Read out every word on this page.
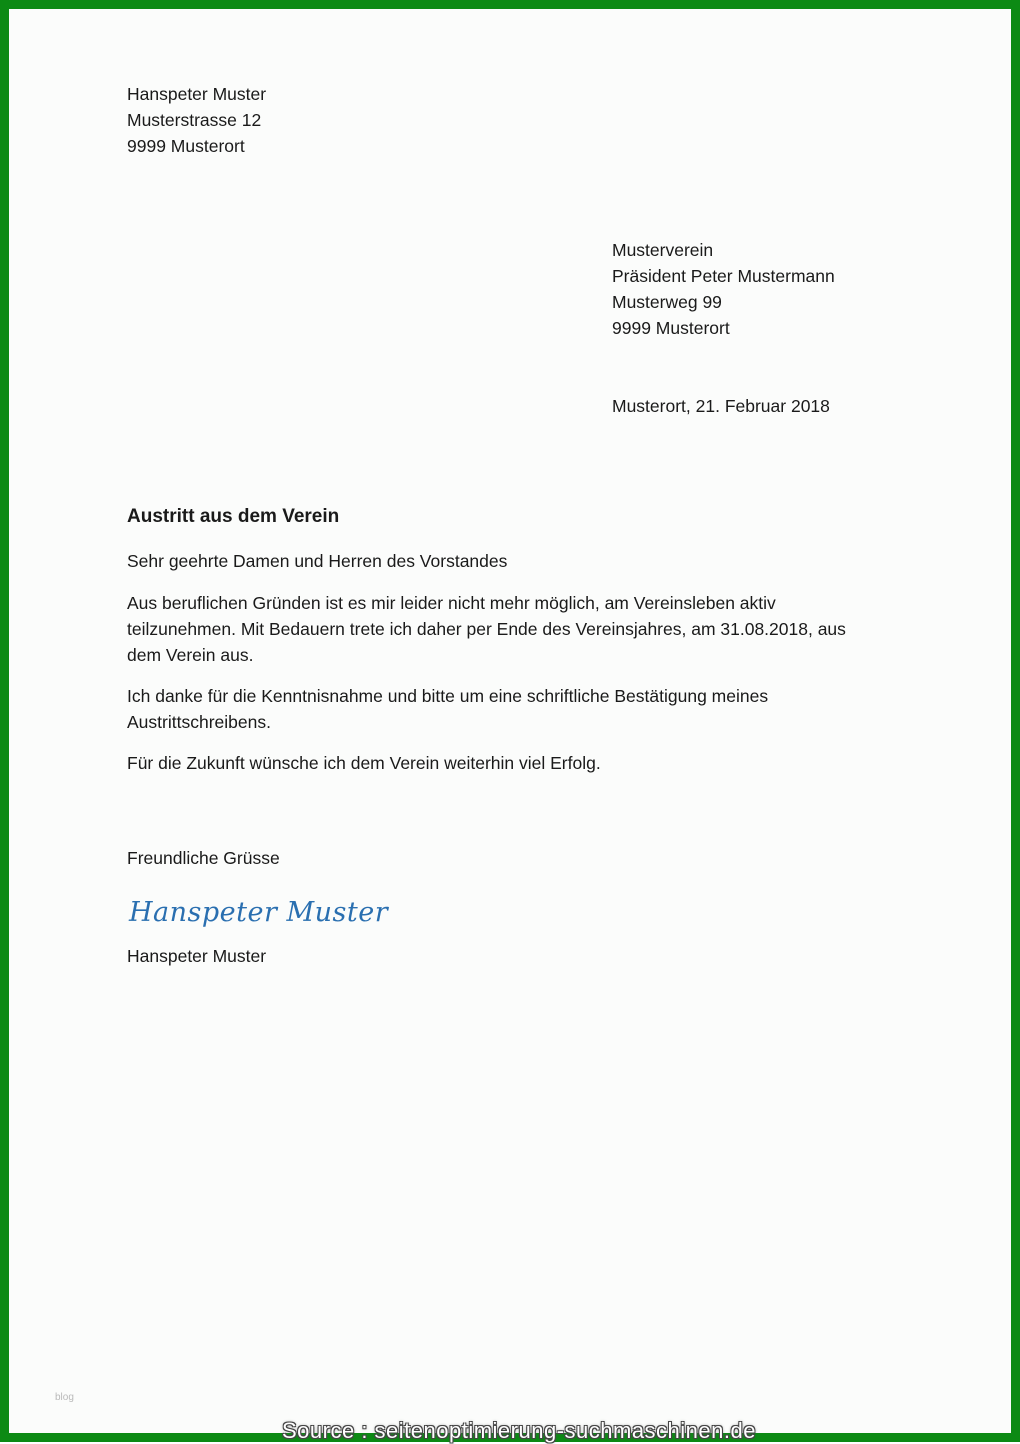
Hanspeter Muster
Musterstrasse 12
9999 Musterort
Musterverein
Präsident Peter Mustermann
Musterweg 99
9999 Musterort
Musterort, 21. Februar 2018
Austritt aus dem Verein
Sehr geehrte Damen und Herren des Vorstandes
Aus beruflichen Gründen ist es mir leider nicht mehr möglich, am Vereinsleben aktiv
teilzunehmen. Mit Bedauern trete ich daher per Ende des Vereinsjahres, am 31.08.2018, aus
dem Verein aus.
Ich danke für die Kenntnisnahme und bitte um eine schriftliche Bestätigung meines
Austrittschreibens.
Für die Zukunft wünsche ich dem Verein weiterhin viel Erfolg.
Freundliche Grüsse
Hanspeter Muster
Hanspeter Muster
blog
Source : seitenoptimierung-suchmaschinen.de
